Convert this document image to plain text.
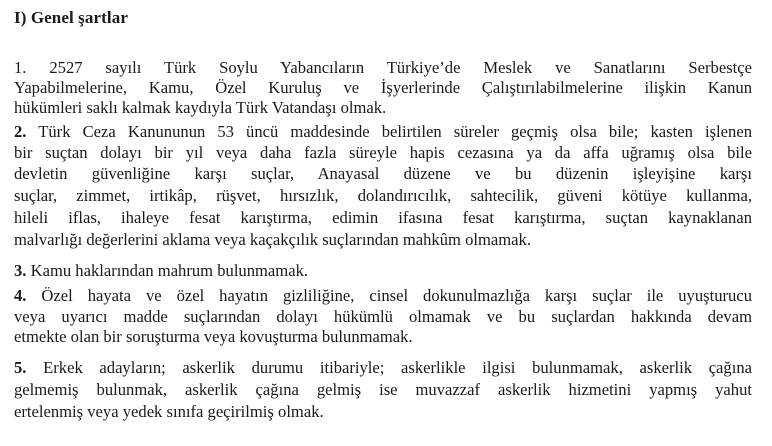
I) Genel şartlar
1. 2527 sayılı Türk Soylu Yabancıların Türkiye’de Meslek ve Sanatlarını Serbestçe
Yapabilmelerine, Kamu, Özel Kuruluş ve İşyerlerinde Çalıştırılabilmelerine ilişkin Kanun
hükümleri saklı kalmak kaydıyla Türk Vatandaşı olmak.
2. Türk Ceza Kanununun 53 üncü maddesinde belirtilen süreler geçmiş olsa bile; kasten işlenen
bir suçtan dolayı bir yıl veya daha fazla süreyle hapis cezasına ya da affa uğramış olsa bile
devletin güvenliğine karşı suçlar, Anayasal düzene ve bu düzenin işleyişine karşı
suçlar, zimmet, irtikâp, rüşvet, hırsızlık, dolandırıcılık, sahtecilik, güveni kötüye kullanma,
hileli iflas, ihaleye fesat karıştırma, edimin ifasına fesat karıştırma, suçtan kaynaklanan
malvarlığı değerlerini aklama veya kaçakçılık suçlarından mahkûm olmamak.
3. Kamu haklarından mahrum bulunmamak.
4. Özel hayata ve özel hayatın gizliliğine, cinsel dokunulmazlığa karşı suçlar ile uyuşturucu
veya uyarıcı madde suçlarından dolayı hükümlü olmamak ve bu suçlardan hakkında devam
etmekte olan bir soruşturma veya kovuşturma bulunmamak.
5. Erkek adayların; askerlik durumu itibariyle; askerlikle ilgisi bulunmamak, askerlik çağına
gelmemiş bulunmak, askerlik çağına gelmiş ise muvazzaf askerlik hizmetini yapmış yahut
ertelenmiş veya yedek sınıfa geçirilmiş olmak.
